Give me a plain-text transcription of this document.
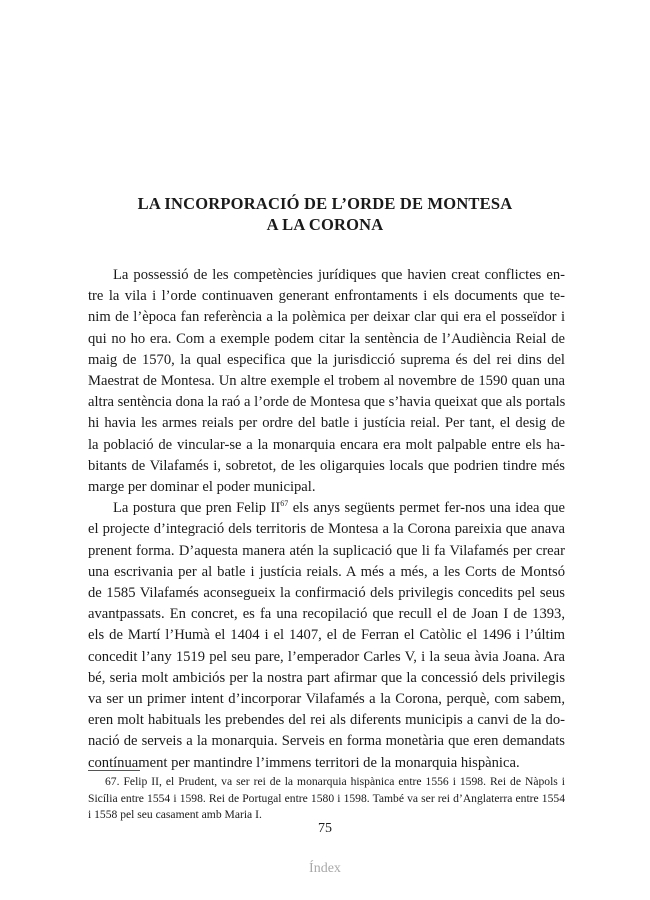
LA INCORPORACIÓ DE L’ORDE DE MONTESA
A LA CORONA
La possessió de les competències jurídiques que havien creat conflictes en-
tre la vila i l’orde continuaven generant enfrontaments i els documents que te-
nim de l’època fan referència a la polèmica per deixar clar qui era el posseïdor i
qui no ho era. Com a exemple podem citar la sentència de l’Audiència Reial de
maig de 1570, la qual especifica que la jurisdicció suprema és del rei dins del
Maestrat de Montesa. Un altre exemple el trobem al novembre de 1590 quan una
altra sentència dona la raó a l’orde de Montesa que s’havia queixat que als portals
hi havia les armes reials per ordre del batle i justícia reial. Per tant, el desig de
la població de vincular-se a la monarquia encara era molt palpable entre els ha-
bitants de Vilafamés i, sobretot, de les oligarquies locals que podrien tindre més
marge per dominar el poder municipal.
La postura que pren Felip II$^{67}$ els anys següents permet fer-nos una idea que
el projecte d’integració dels territoris de Montesa a la Corona pareixia que anava
prenent forma. D’aquesta manera atén la suplicació que li fa Vilafamés per crear
una escrivania per al batle i justícia reials. A més a més, a les Corts de Montsó
de 1585 Vilafamés aconsegueix la confirmació dels privilegis concedits pel seus
avantpassats. En concret, es fa una recopilació que recull el de Joan I de 1393,
els de Martí l’Humà el 1404 i el 1407, el de Ferran el Catòlic el 1496 i l’últim
concedit l’any 1519 pel seu pare, l’emperador Carles V, i la seua àvia Joana. Ara
bé, seria molt ambiciós per la nostra part afirmar que la concessió dels privilegis
va ser un primer intent d’incorporar Vilafamés a la Corona, perquè, com sabem,
eren molt habituals les prebendes del rei als diferents municipis a canvi de la do-
nació de serveis a la monarquia. Serveis en forma monetària que eren demandats
contínuament per mantindre l’immens territori de la monarquia hispànica.
67. Felip II, el Prudent, va ser rei de la monarquia hispànica entre 1556 i 1598. Rei de Nàpols i
Sicília entre 1554 i 1598. Rei de Portugal entre 1580 i 1598. També va ser rei d’Anglaterra entre 1554
i 1558 pel seu casament amb Maria I.
75
Índex
